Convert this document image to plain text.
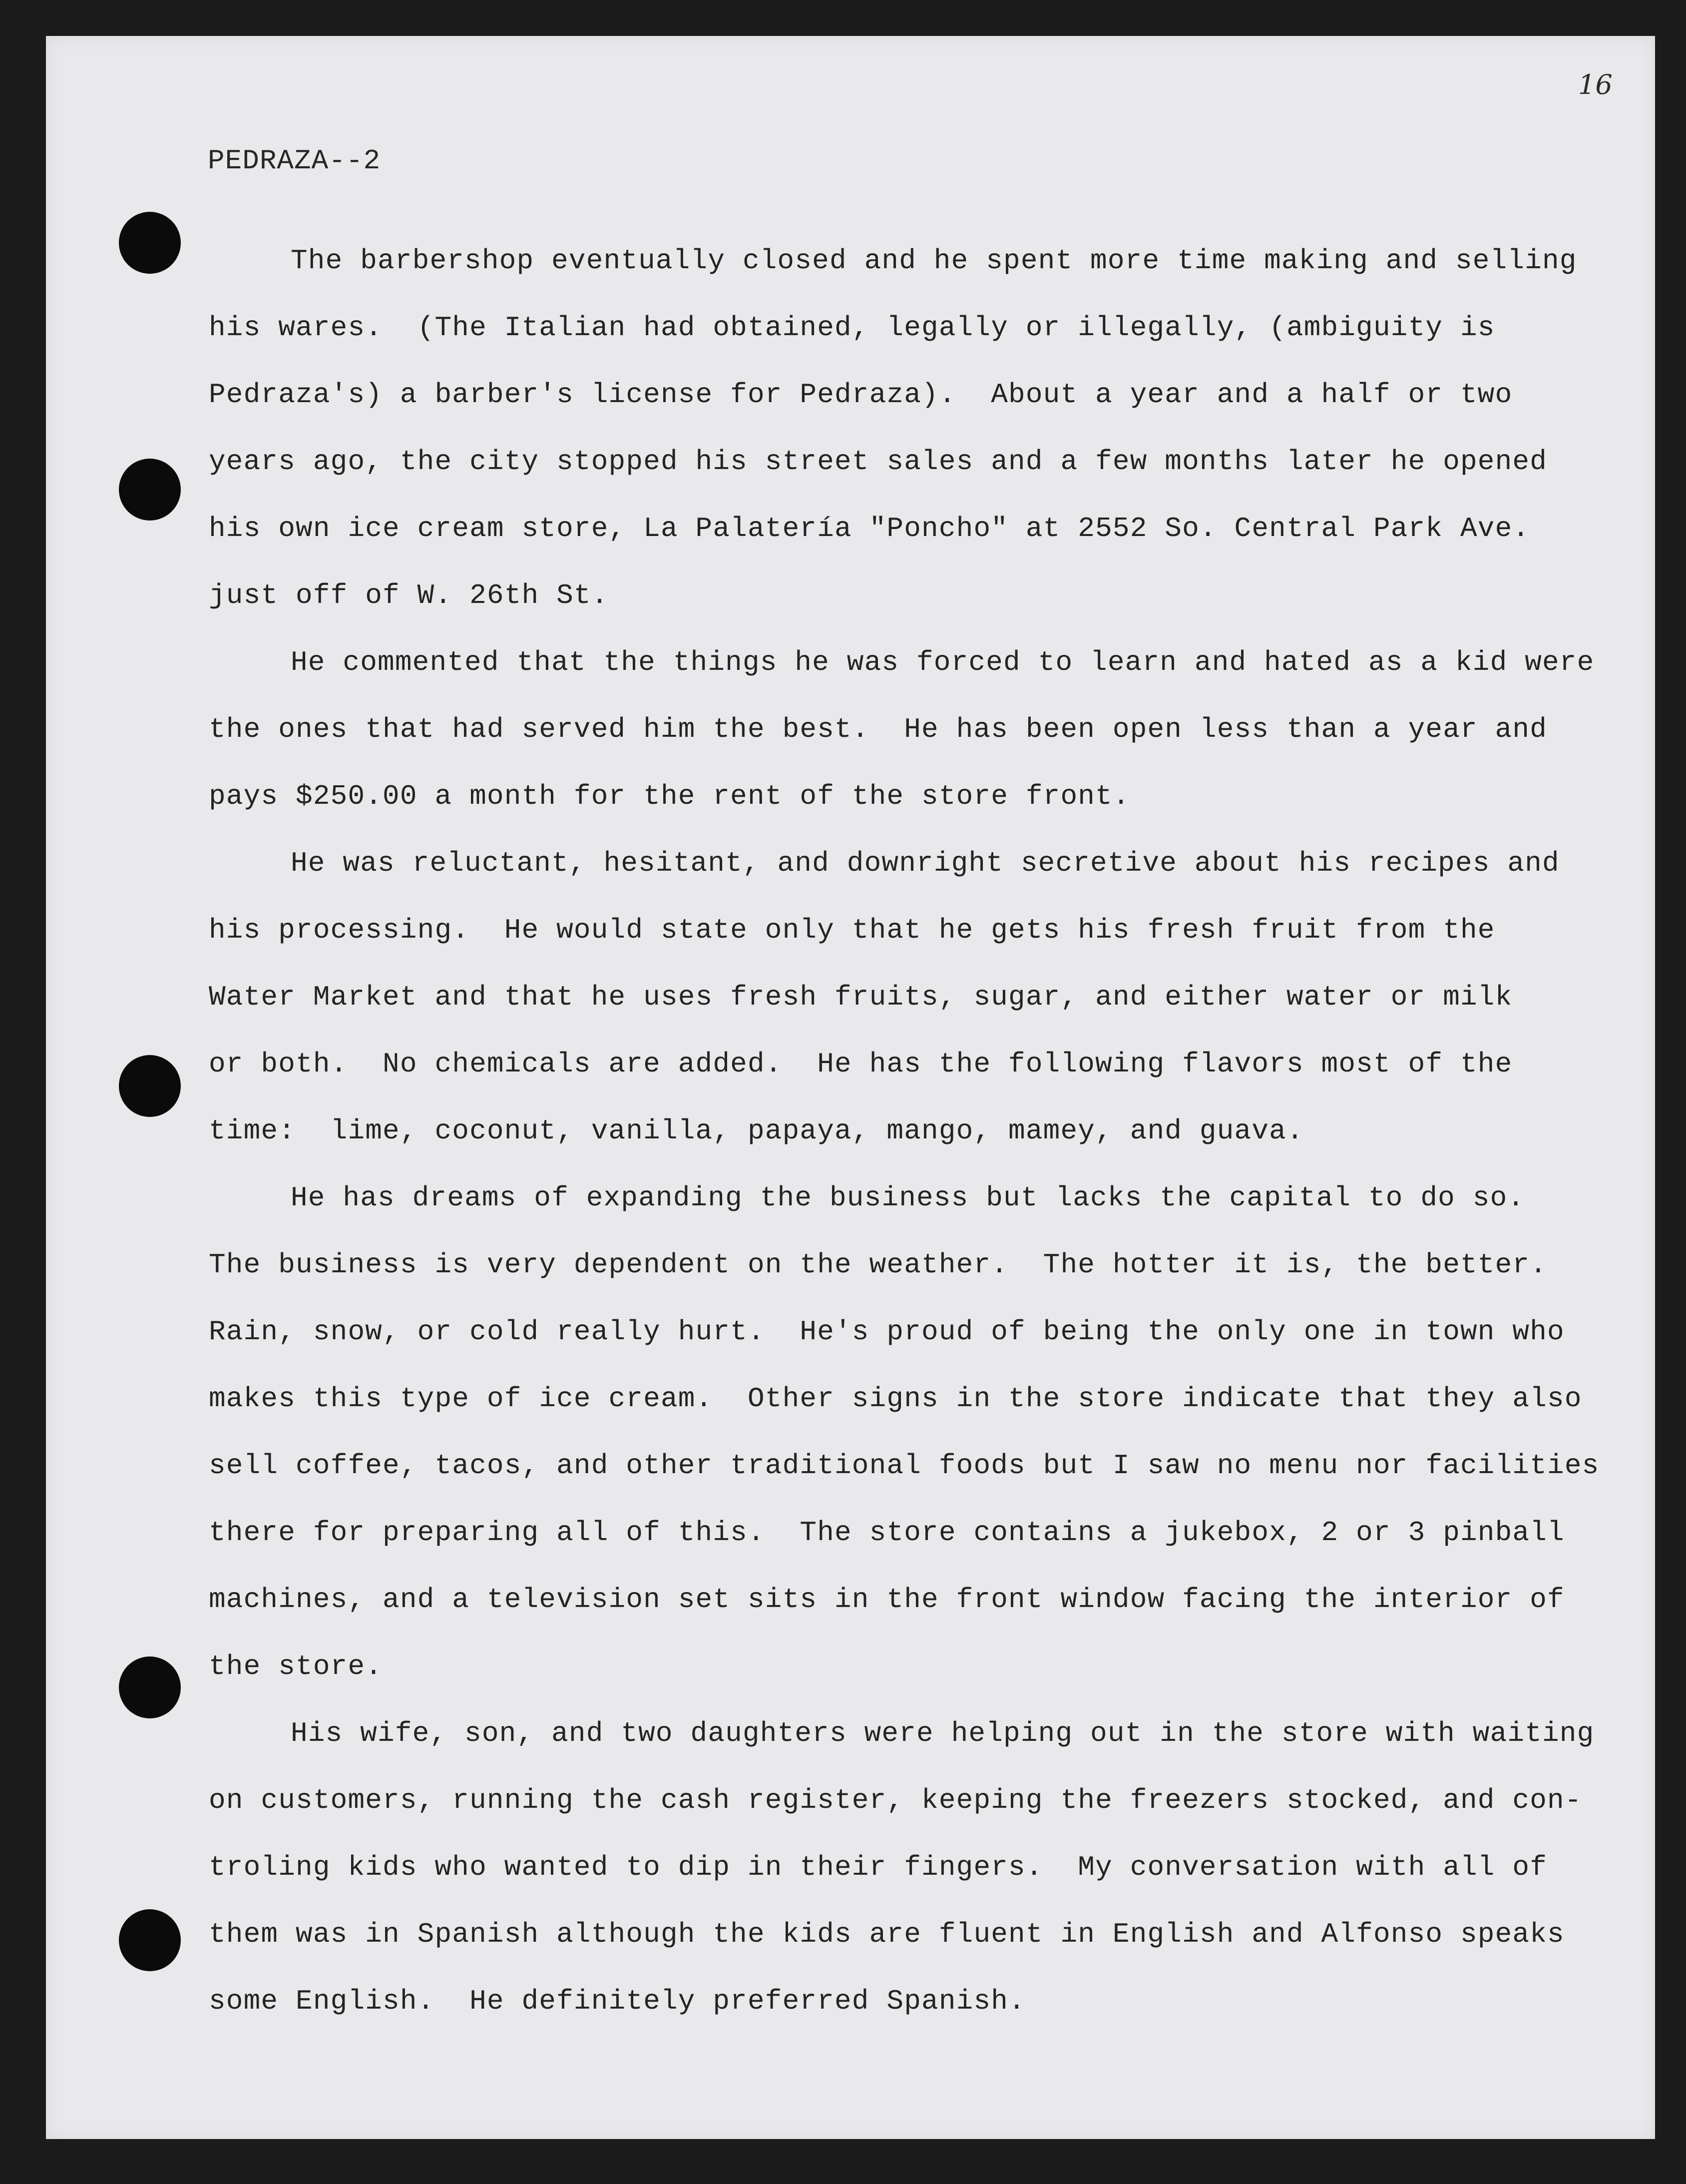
16
PEDRAZA--2
The barbershop eventually closed and he spent more time making and selling
his wares.  (The Italian had obtained, legally or illegally, (ambiguity is
Pedraza's) a barber's license for Pedraza).  About a year and a half or two
years ago, the city stopped his street sales and a few months later he opened
his own ice cream store, La Palatería "Poncho" at 2552 So. Central Park Ave.
just off of W. 26th St.
He commented that the things he was forced to learn and hated as a kid were
the ones that had served him the best.  He has been open less than a year and
pays $250.00 a month for the rent of the store front.
He was reluctant, hesitant, and downright secretive about his recipes and
his processing.  He would state only that he gets his fresh fruit from the
Water Market and that he uses fresh fruits, sugar, and either water or milk
or both.  No chemicals are added.  He has the following flavors most of the
time:  lime, coconut, vanilla, papaya, mango, mamey, and guava.
He has dreams of expanding the business but lacks the capital to do so.
The business is very dependent on the weather.  The hotter it is, the better.
Rain, snow, or cold really hurt.  He's proud of being the only one in town who
makes this type of ice cream.  Other signs in the store indicate that they also
sell coffee, tacos, and other traditional foods but I saw no menu nor facilities
there for preparing all of this.  The store contains a jukebox, 2 or 3 pinball
machines, and a television set sits in the front window facing the interior of
the store.
His wife, son, and two daughters were helping out in the store with waiting
on customers, running the cash register, keeping the freezers stocked, and con-
troling kids who wanted to dip in their fingers.  My conversation with all of
them was in Spanish although the kids are fluent in English and Alfonso speaks
some English.  He definitely preferred Spanish.
